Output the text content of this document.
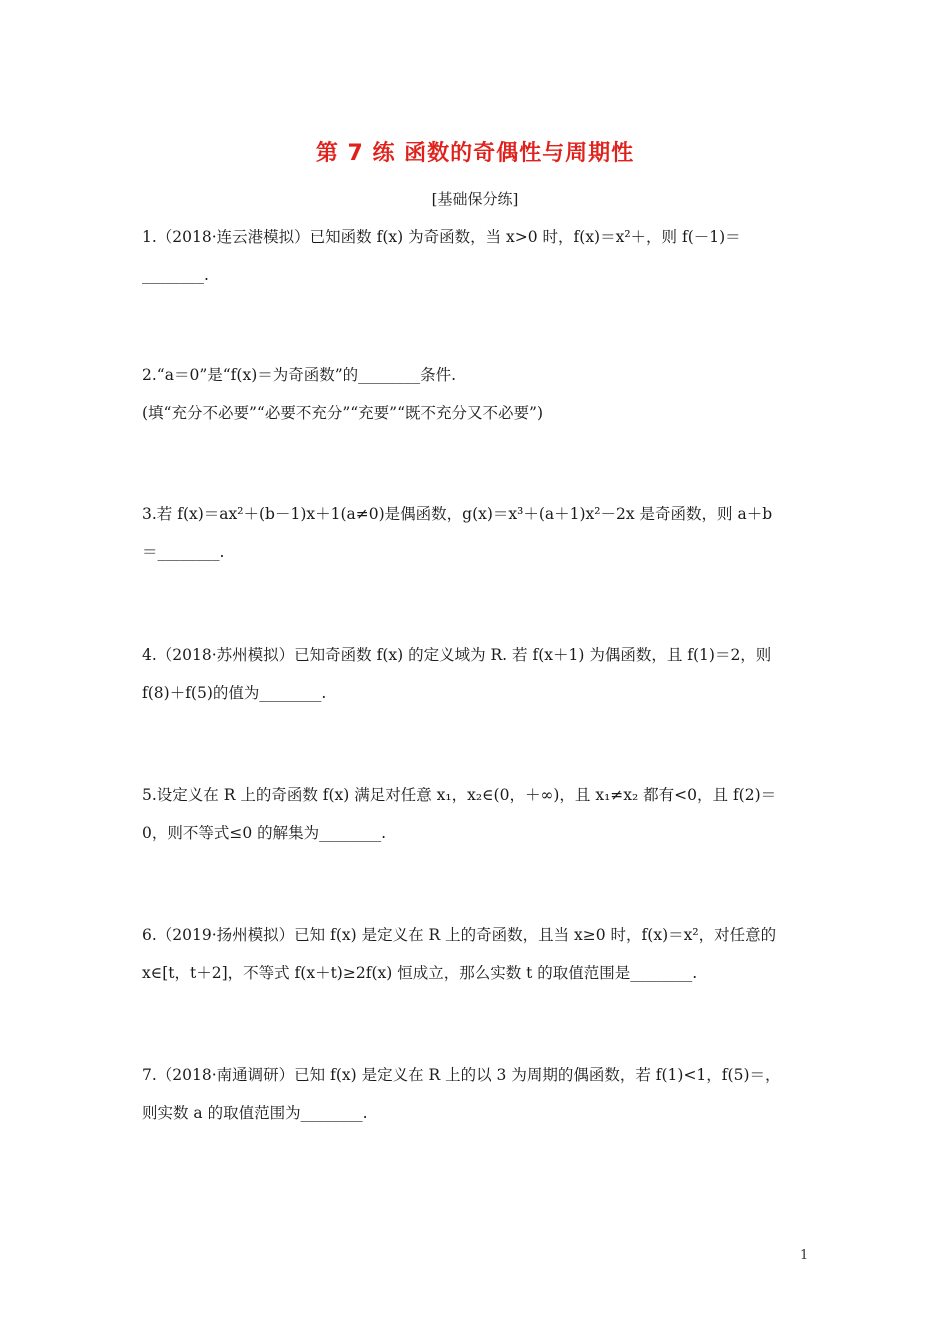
第 7 练 函数的奇偶性与周期性
[基础保分练]
1.（2018·连云港模拟）已知函数 f(x) 为奇函数，当 x>0 时，f(x)＝x²＋，则 f(－1)＝
________.
2.“a＝0”是“f(x)＝为奇函数”的________条件.
(填“充分不必要”“必要不充分”“充要”“既不充分又不必要”)
3.若 f(x)＝ax²＋(b－1)x＋1(a≠0)是偶函数，g(x)＝x³＋(a＋1)x²－2x 是奇函数，则 a＋b
＝________.
4.（2018·苏州模拟）已知奇函数 f(x) 的定义域为 R. 若 f(x＋1) 为偶函数，且 f(1)＝2，则
f(8)＋f(5)的值为________.
5.设定义在 R 上的奇函数 f(x) 满足对任意 x₁，x₂∈(0，＋∞)，且 x₁≠x₂ 都有<0，且 f(2)＝
0，则不等式≤0 的解集为________.
6.（2019·扬州模拟）已知 f(x) 是定义在 R 上的奇函数，且当 x≥0 时，f(x)＝x²，对任意的
x∈[t，t＋2]，不等式 f(x＋t)≥2f(x) 恒成立，那么实数 t 的取值范围是________.
7.（2018·南通调研）已知 f(x) 是定义在 R 上的以 3 为周期的偶函数，若 f(1)<1，f(5)＝，
则实数 a 的取值范围为________.
1
